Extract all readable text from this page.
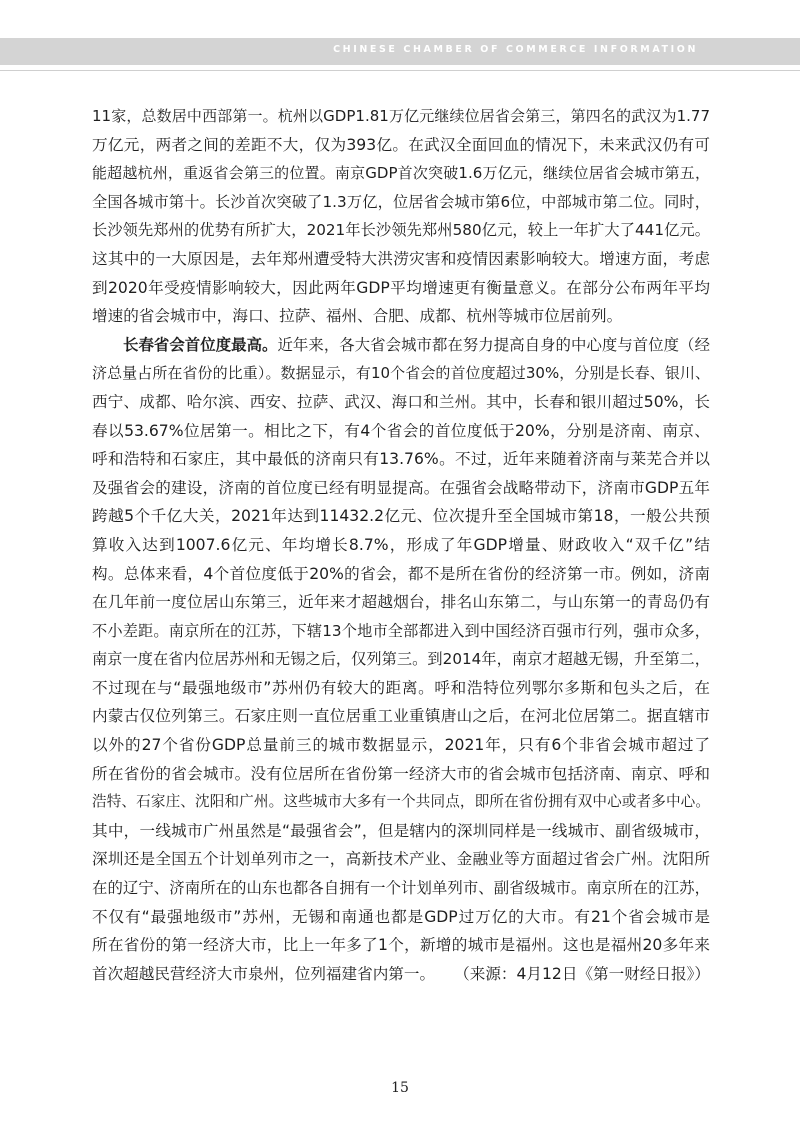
CHINESE CHAMBER OF COMMERCE INFORMATION
11家，总数居中西部第一。杭州以GDP1.81万亿元继续位居省会第三，第四名的武汉为1.77
万亿元，两者之间的差距不大，仅为393亿。在武汉全面回血的情况下，未来武汉仍有可
能超越杭州，重返省会第三的位置。南京GDP首次突破1.6万亿元，继续位居省会城市第五，
全国各城市第十。长沙首次突破了1.3万亿，位居省会城市第6位，中部城市第二位。同时，
长沙领先郑州的优势有所扩大，2021年长沙领先郑州580亿元，较上一年扩大了441亿元。
这其中的一大原因是，去年郑州遭受特大洪涝灾害和疫情因素影响较大。增速方面，考虑
到2020年受疫情影响较大，因此两年GDP平均增速更有衡量意义。在部分公布两年平均
增速的省会城市中，海口、拉萨、福州、合肥、成都、杭州等城市位居前列。
长春省会首位度最高。近年来，各大省会城市都在努力提高自身的中心度与首位度（经
济总量占所在省份的比重）。数据显示，有10个省会的首位度超过30%，分别是长春、银川、
西宁、成都、哈尔滨、西安、拉萨、武汉、海口和兰州。其中，长春和银川超过50%，长
春以53.67%位居第一。相比之下，有4个省会的首位度低于20%，分别是济南、南京、
呼和浩特和石家庄，其中最低的济南只有13.76%。不过，近年来随着济南与莱芜合并以
及强省会的建设，济南的首位度已经有明显提高。在强省会战略带动下，济南市GDP五年
跨越5个千亿大关，2021年达到11432.2亿元、位次提升至全国城市第18，一般公共预
算收入达到1007.6亿元、年均增长8.7%，形成了年GDP增量、财政收入“双千亿”结
构。总体来看，4个首位度低于20%的省会，都不是所在省份的经济第一市。例如，济南
在几年前一度位居山东第三，近年来才超越烟台，排名山东第二，与山东第一的青岛仍有
不小差距。南京所在的江苏，下辖13个地市全部都进入到中国经济百强市行列，强市众多，
南京一度在省内位居苏州和无锡之后，仅列第三。到2014年，南京才超越无锡，升至第二，
不过现在与“最强地级市”苏州仍有较大的距离。呼和浩特位列鄂尔多斯和包头之后，在
内蒙古仅位列第三。石家庄则一直位居重工业重镇唐山之后，在河北位居第二。据直辖市
以外的27个省份GDP总量前三的城市数据显示，2021年，只有6个非省会城市超过了
所在省份的省会城市。没有位居所在省份第一经济大市的省会城市包括济南、南京、呼和
浩特、石家庄、沈阳和广州。这些城市大多有一个共同点，即所在省份拥有双中心或者多中心。
其中，一线城市广州虽然是“最强省会”，但是辖内的深圳同样是一线城市、副省级城市，
深圳还是全国五个计划单列市之一，高新技术产业、金融业等方面超过省会广州。沈阳所
在的辽宁、济南所在的山东也都各自拥有一个计划单列市、副省级城市。南京所在的江苏，
不仅有“最强地级市”苏州，无锡和南通也都是GDP过万亿的大市。有21个省会城市是
所在省份的第一经济大市，比上一年多了1个，新增的城市是福州。这也是福州20多年来
首次超越民营经济大市泉州，位列福建省内第一。 （来源：4月12日《第一财经日报》）
15
